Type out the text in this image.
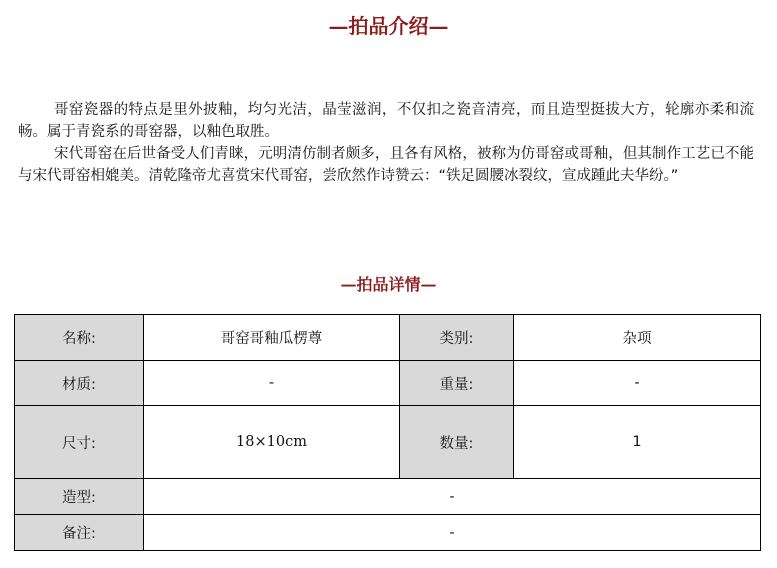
—拍品介绍—

哥窑瓷器的特点是里外披釉，均匀光洁，晶莹滋润，不仅扣之瓷音清亮，而且造型挺拔大方，轮廓亦柔和流畅。属于青瓷系的哥窑器，以釉色取胜。

宋代哥窑在后世备受人们青睐，元明清仿制者颇多，且各有风格，被称为仿哥窑或哥釉，但其制作工艺已不能与宋代哥窑相媲美。清乾隆帝尤喜赏宋代哥窑，尝欣然作诗赞云：“铁足圆腰冰裂纹，宣成踵此夫华纷。”

—拍品详情—
名称:	哥窑哥釉瓜楞尊	类别:	杂项
材质:	-	重量:	-
尺寸:	18×10cm	数量:	1
造型:	-		
备注:	-		
